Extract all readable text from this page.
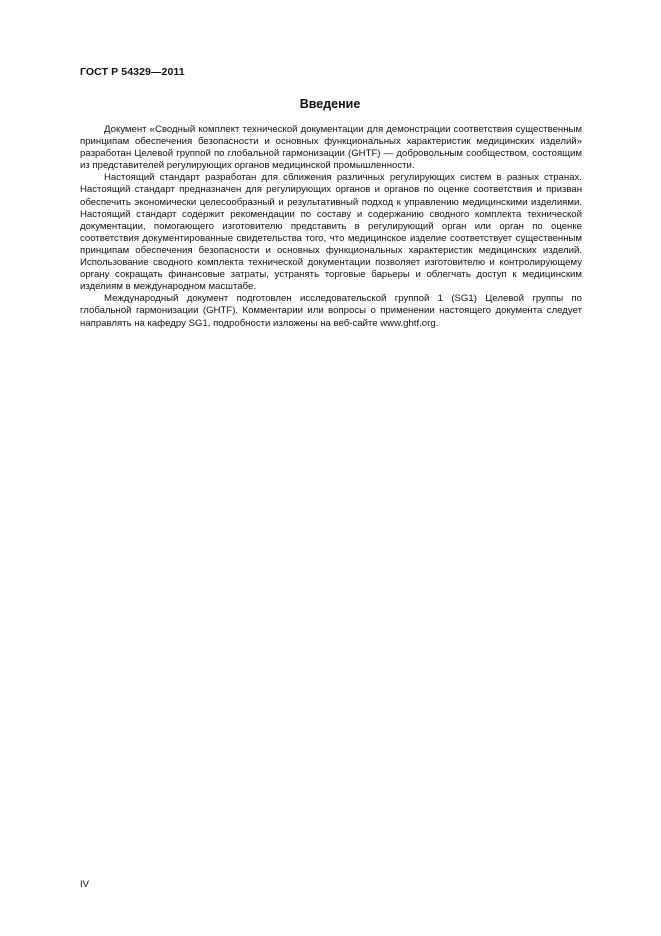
ГОСТ Р 54329—2011
Введение

Документ «Сводный комплект технической документации для демонстрации соответствия существенным принципам обеспечения безопасности и основных функциональных характеристик медицинских изделий» разработан Целевой группой по глобальной гармонизации (GHTF) — добровольным сообществом, состоящим из представителей регулирующих органов медицинской промышленности.

Настоящий стандарт разработан для сближения различных регулирующих систем в разных странах. Настоящий стандарт предназначен для регулирующих органов и органов по оценке соответствия и призван обеспечить экономически целесообразный и результативный подход к управлению медицинскими изделиями. Настоящий стандарт содержит рекомендации по составу и содержанию сводного комплекта технической документации, помогающего изготовителю представить в регулирующий орган или орган по оценке соответствия документированные свидетельства того, что медицинское изделие соответствует существенным принципам обеспечения безопасности и основных функциональных характеристик медицинских изделий. Использование сводного комплекта технической документации позволяет изготовителю и контролирующему органу сокращать финансовые затраты, устранять торговые барьеры и облегчать доступ к медицинским изделиям в международном масштабе.

Международный документ подготовлен исследовательской группой 1 (SG1) Целевой группы по глобальной гармонизации (GHTF). Комментарии или вопросы о применении настоящего документа следует направлять на кафедру SG1, подробности изложены на веб-сайте www.ghtf.org.

IV
